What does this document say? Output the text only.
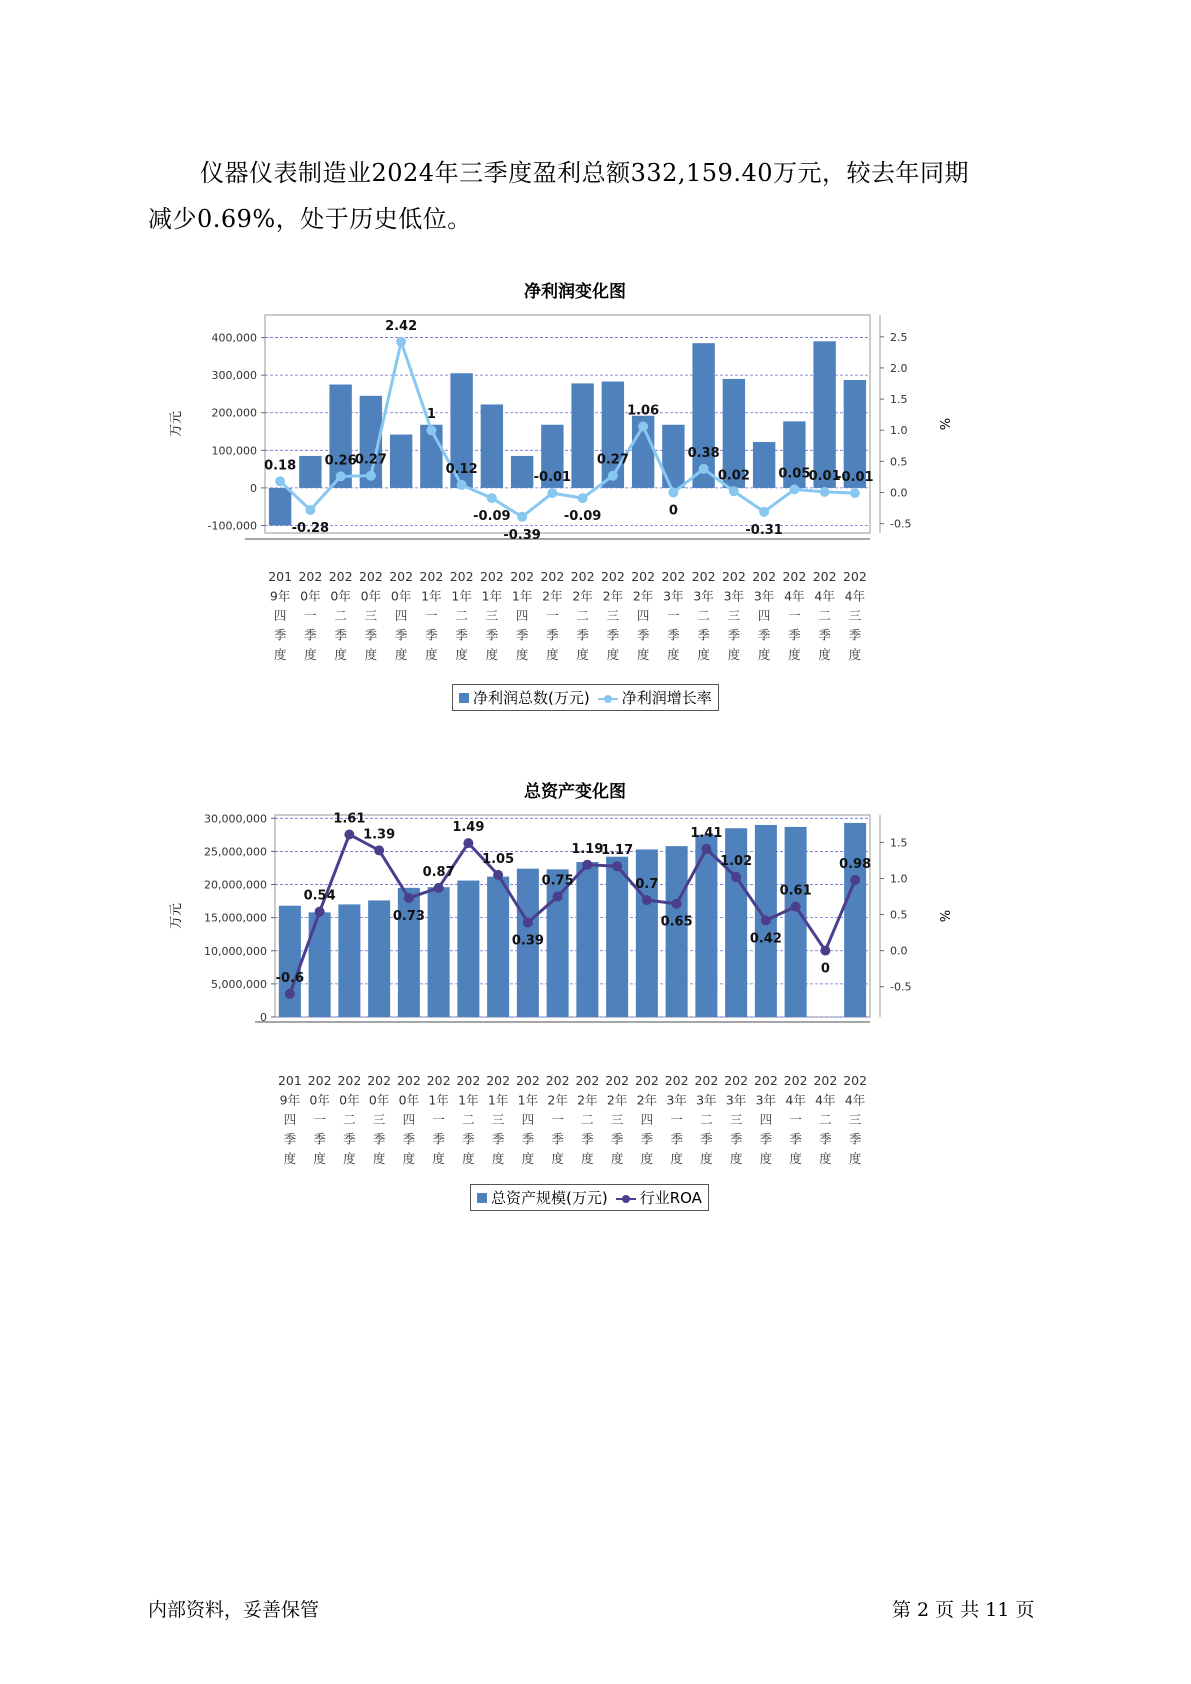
仪器仪表制造业2024年三季度盈利总额332,159.40万元，较去年同期
减少0.69%，处于历史低位。
净利润变化图
-100,000
0
100,000
200,000
300,000
400,000
-0.5
0.0
0.5
1.0
1.5
2.0
2.5
万元	%
0.18
-0.28
0.26
0.27
2.42
1
0.12
-0.09
-0.39
-0.01
-0.09
0.27
1.06
0
0.38
0.02
-0.31
0.05
0.01
-0.01
201
9年
四
季
度
202
0年
一
季
度
202
0年
二
季
度
202
0年
三
季
度
202
0年
四
季
度
202
1年
一
季
度
202
1年
二
季
度
202
1年
三
季
度
202
1年
四
季
度
202
2年
一
季
度
202
2年
二
季
度
202
2年
三
季
度
202
2年
四
季
度
202
3年
一
季
度
202
3年
二
季
度
202
3年
三
季
度
202
3年
四
季
度
202
4年
一
季
度
202
4年
二
季
度
202
4年
三
季
度
净利润总数(万元)	净利润增长率
总资产变化图
0
5,000,000
10,000,000
15,000,000
20,000,000
25,000,000
30,000,000
-0.5
0.0
0.5
1.0
1.5
万元	%
-0.6
0.54
1.61
1.39
0.73
0.87
1.49
1.05
0.39
0.75
1.19
1.17
0.7
0.65
1.41
1.02
0.42
0.61
0
0.98
201
9年
四
季
度
202
0年
一
季
度
202
0年
二
季
度
202
0年
三
季
度
202
0年
四
季
度
202
1年
一
季
度
202
1年
二
季
度
202
1年
三
季
度
202
1年
四
季
度
202
2年
一
季
度
202
2年
二
季
度
202
2年
三
季
度
202
2年
四
季
度
202
3年
一
季
度
202
3年
二
季
度
202
3年
三
季
度
202
3年
四
季
度
202
4年
一
季
度
202
4年
二
季
度
202
4年
三
季
度
总资产规模(万元)	行业ROA
内部资料，妥善保管	第 2 页 共 11 页
